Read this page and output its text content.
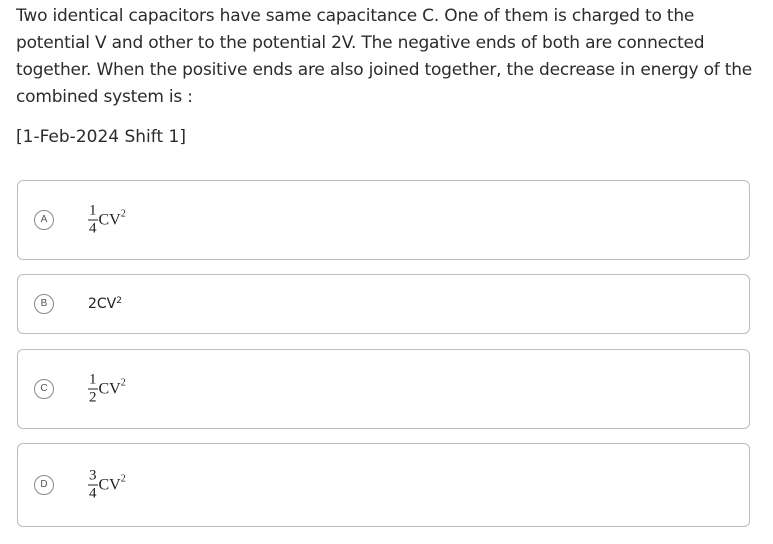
Two identical capacitors have same capacitance C. One of them is charged to the potential V and other to the potential 2V. The negative ends of both are connected together. When the positive ends are also joined together, the decrease in energy of the combined system is :

[1-Feb-2024 Shift 1]

A	$\frac{1}{4}$ CV 2
B	$2CV^2$
C	$\frac{1}{2}$ CV 2
D	$\frac{3}{4}$ CV 2
